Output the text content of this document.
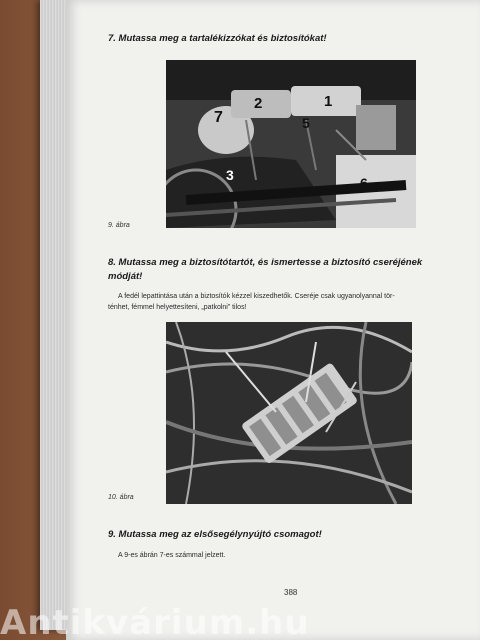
7. Mutassa meg a tartalékizzókat és biztosítókat!

7
2	1
5
3	6
9. ábra

8. Mutassa meg a biztosítótartót, és ismertesse a biztosító cseréjének

módját!

A fedél lepattintása után a biztosítók kézzel kiszedhetők. Cseréje csak ugyanolyannal tör-

ténhet, fémmel helyettesíteni, „patkolni” tilos!

10. ábra

9. Mutassa meg az elsősegélynyújtó csomagot!

A 9-es ábrán 7-es számmal jelzett.

388
Antikvárium.hu
